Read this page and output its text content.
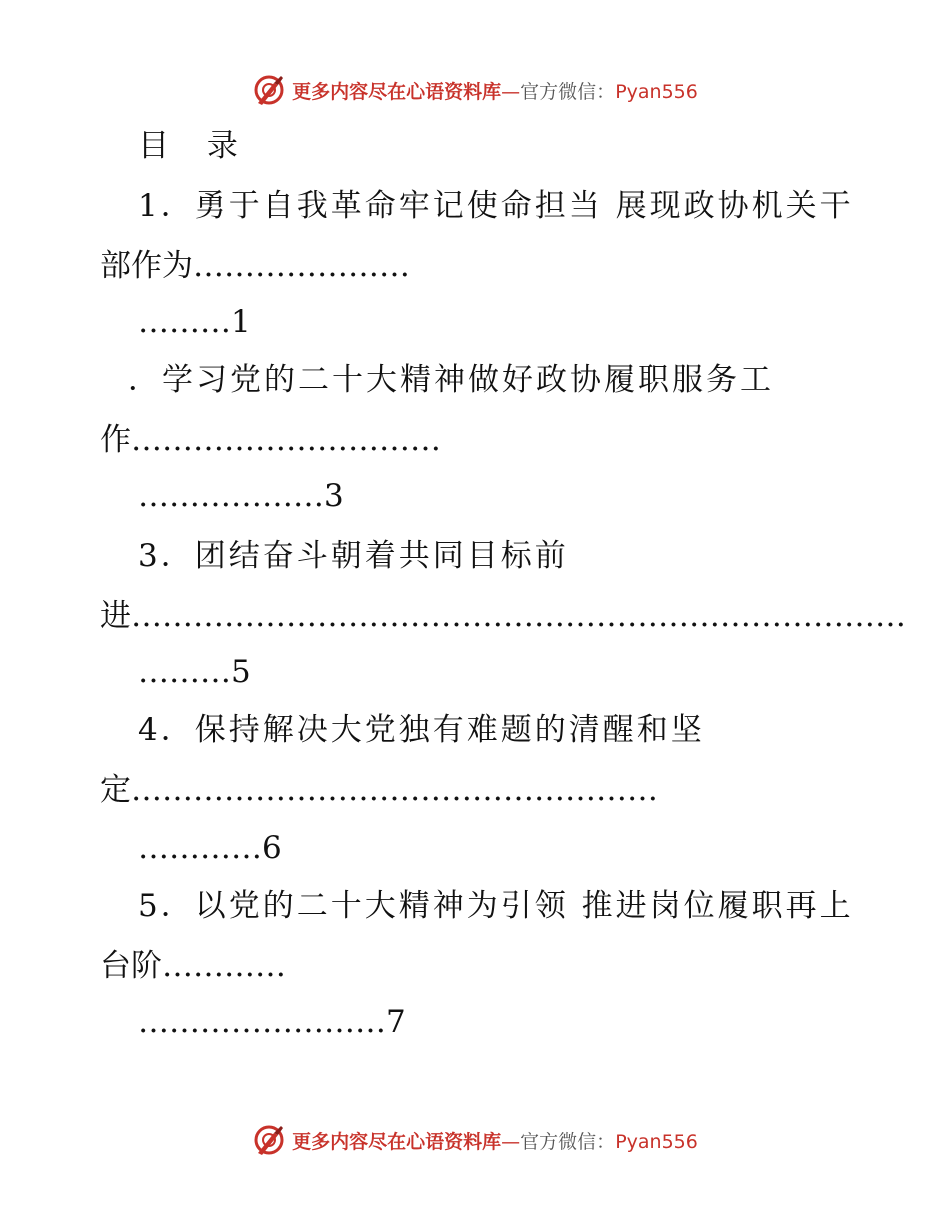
更多内容尽在心语资料库—官方微信：Pyan556
目 录
1．勇于自我革命牢记使命担当 展现政协机关干
部作为…………………
………1
．学习党的二十大精神做好政协履职服务工
作…………………………
………………3
3．团结奋斗朝着共同目标前
进…………………………………………………………………
………5
4．保持解决大党独有难题的清醒和坚
定……………………………………………
…………6
5．以党的二十大精神为引领 推进岗位履职再上
台阶…………
……………………7
更多内容尽在心语资料库—官方微信：Pyan556
